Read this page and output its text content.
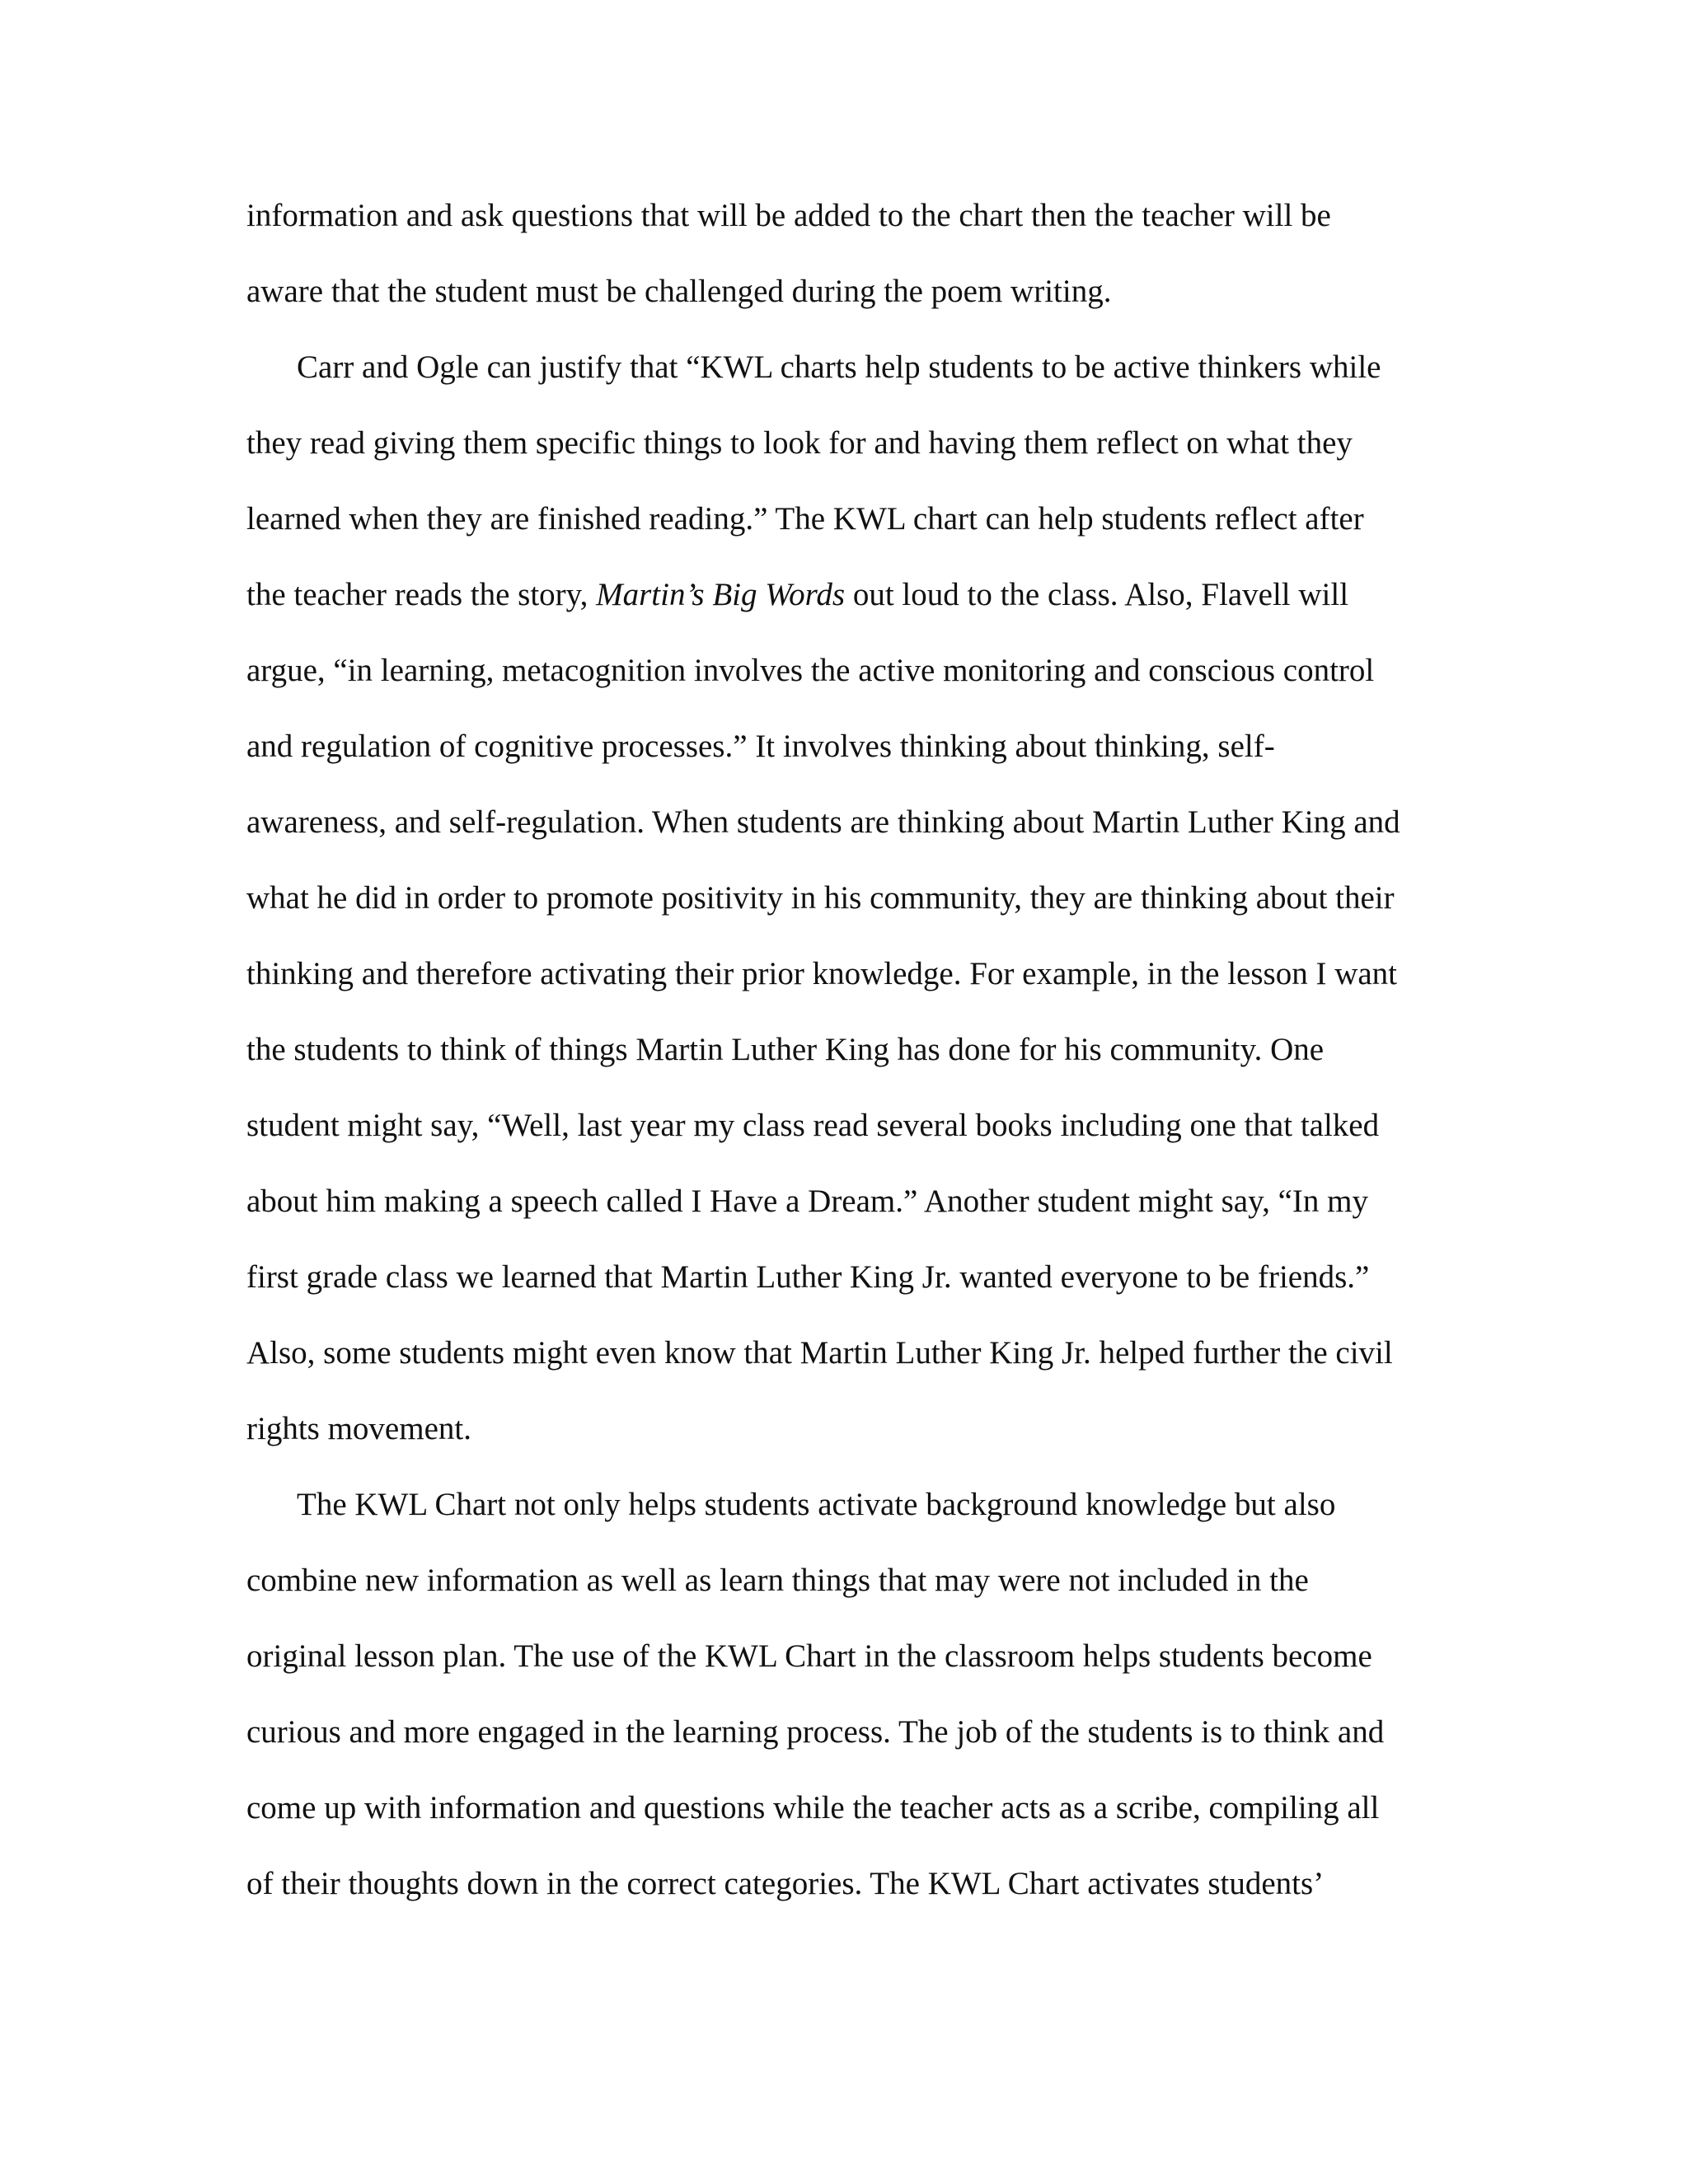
information and ask questions that will be added to the chart then the teacher will be
aware that the student must be challenged during the poem writing.
Carr and Ogle can justify that “KWL charts help students to be active thinkers while
they read giving them specific things to look for and having them reflect on what they
learned when they are finished reading.” The KWL chart can help students reflect after
the teacher reads the story, Martin’s Big Words out loud to the class. Also, Flavell will
argue, “in learning, metacognition involves the active monitoring and conscious control
and regulation of cognitive processes.” It involves thinking about thinking, self-
awareness, and self-regulation. When students are thinking about Martin Luther King and
what he did in order to promote positivity in his community, they are thinking about their
thinking and therefore activating their prior knowledge. For example, in the lesson I want
the students to think of things Martin Luther King has done for his community. One
student might say, “Well, last year my class read several books including one that talked
about him making a speech called I Have a Dream.” Another student might say, “In my
first grade class we learned that Martin Luther King Jr. wanted everyone to be friends.”
Also, some students might even know that Martin Luther King Jr. helped further the civil
rights movement.
The KWL Chart not only helps students activate background knowledge but also
combine new information as well as learn things that may were not included in the
original lesson plan. The use of the KWL Chart in the classroom helps students become
curious and more engaged in the learning process. The job of the students is to think and
come up with information and questions while the teacher acts as a scribe, compiling all
of their thoughts down in the correct categories. The KWL Chart activates students’
